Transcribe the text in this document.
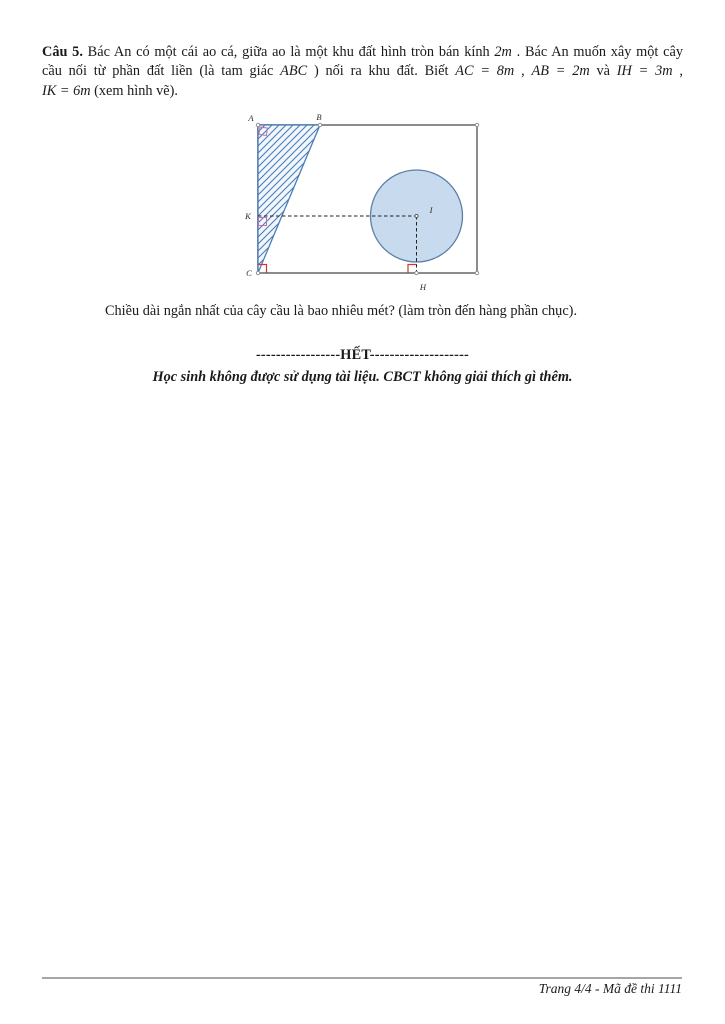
Câu 5. Bác An có một cái ao cá, giữa ao là một khu đất hình tròn bán kính 2m . Bác An muốn xây một cây
cầu nối từ phần đất liền (là tam giác ABC ) nối ra khu đất. Biết AC = 8m , AB = 2m và IH = 3m ,
IK = 6m (xem hình vẽ).
A	B
K
C
I
H
Chiều dài ngắn nhất của cây cầu là bao nhiêu mét? (làm tròn đến hàng phần chục).
-----------------HẾT--------------------
Học sinh không được sử dụng tài liệu. CBCT không giải thích gì thêm.
Trang 4/4 - Mã đề thi 1111
